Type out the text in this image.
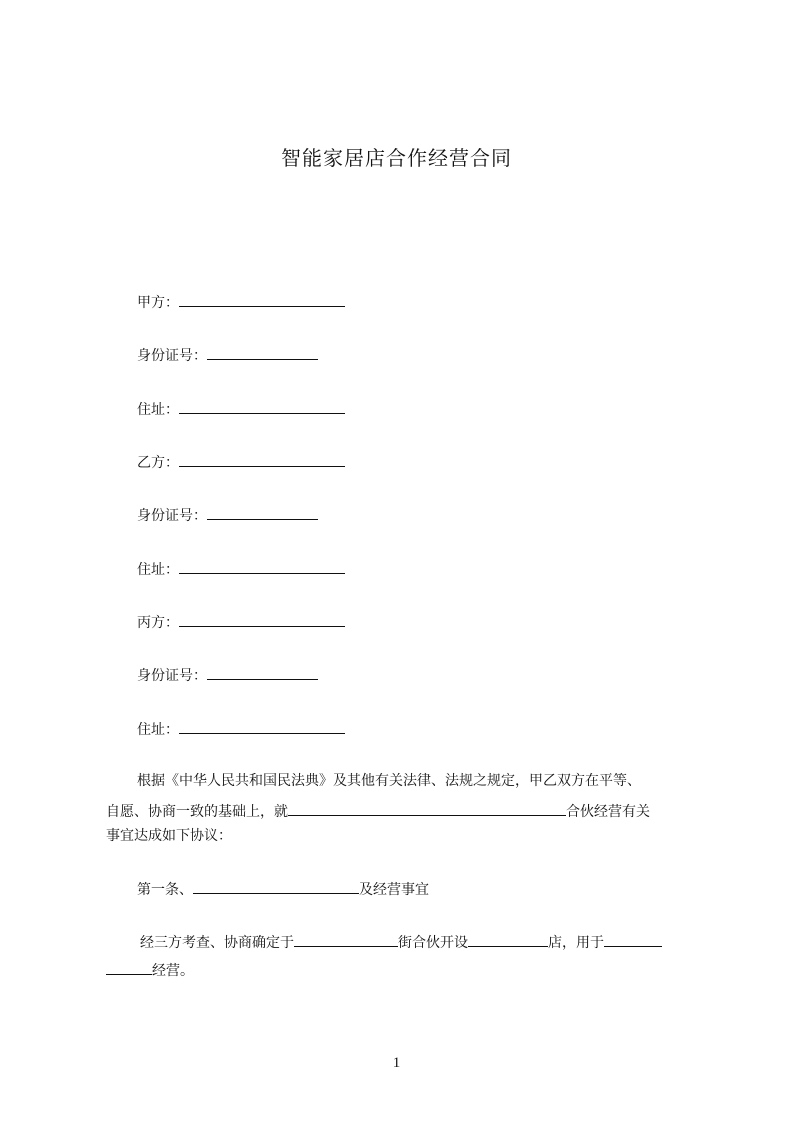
智能家居店合作经营合同
甲方：
身份证号：
住址：
乙方：
身份证号：
住址：
丙方：
身份证号：
住址：
根据《中华人民共和国民法典》及其他有关法律、法规之规定，甲乙双方在平等、
自愿、协商一致的基础上，就	合伙经营有关
事宜达成如下协议：
第一条、	及经营事宜
经三方考查、协商确定于	街合伙开设	店，用于
经营。
1
